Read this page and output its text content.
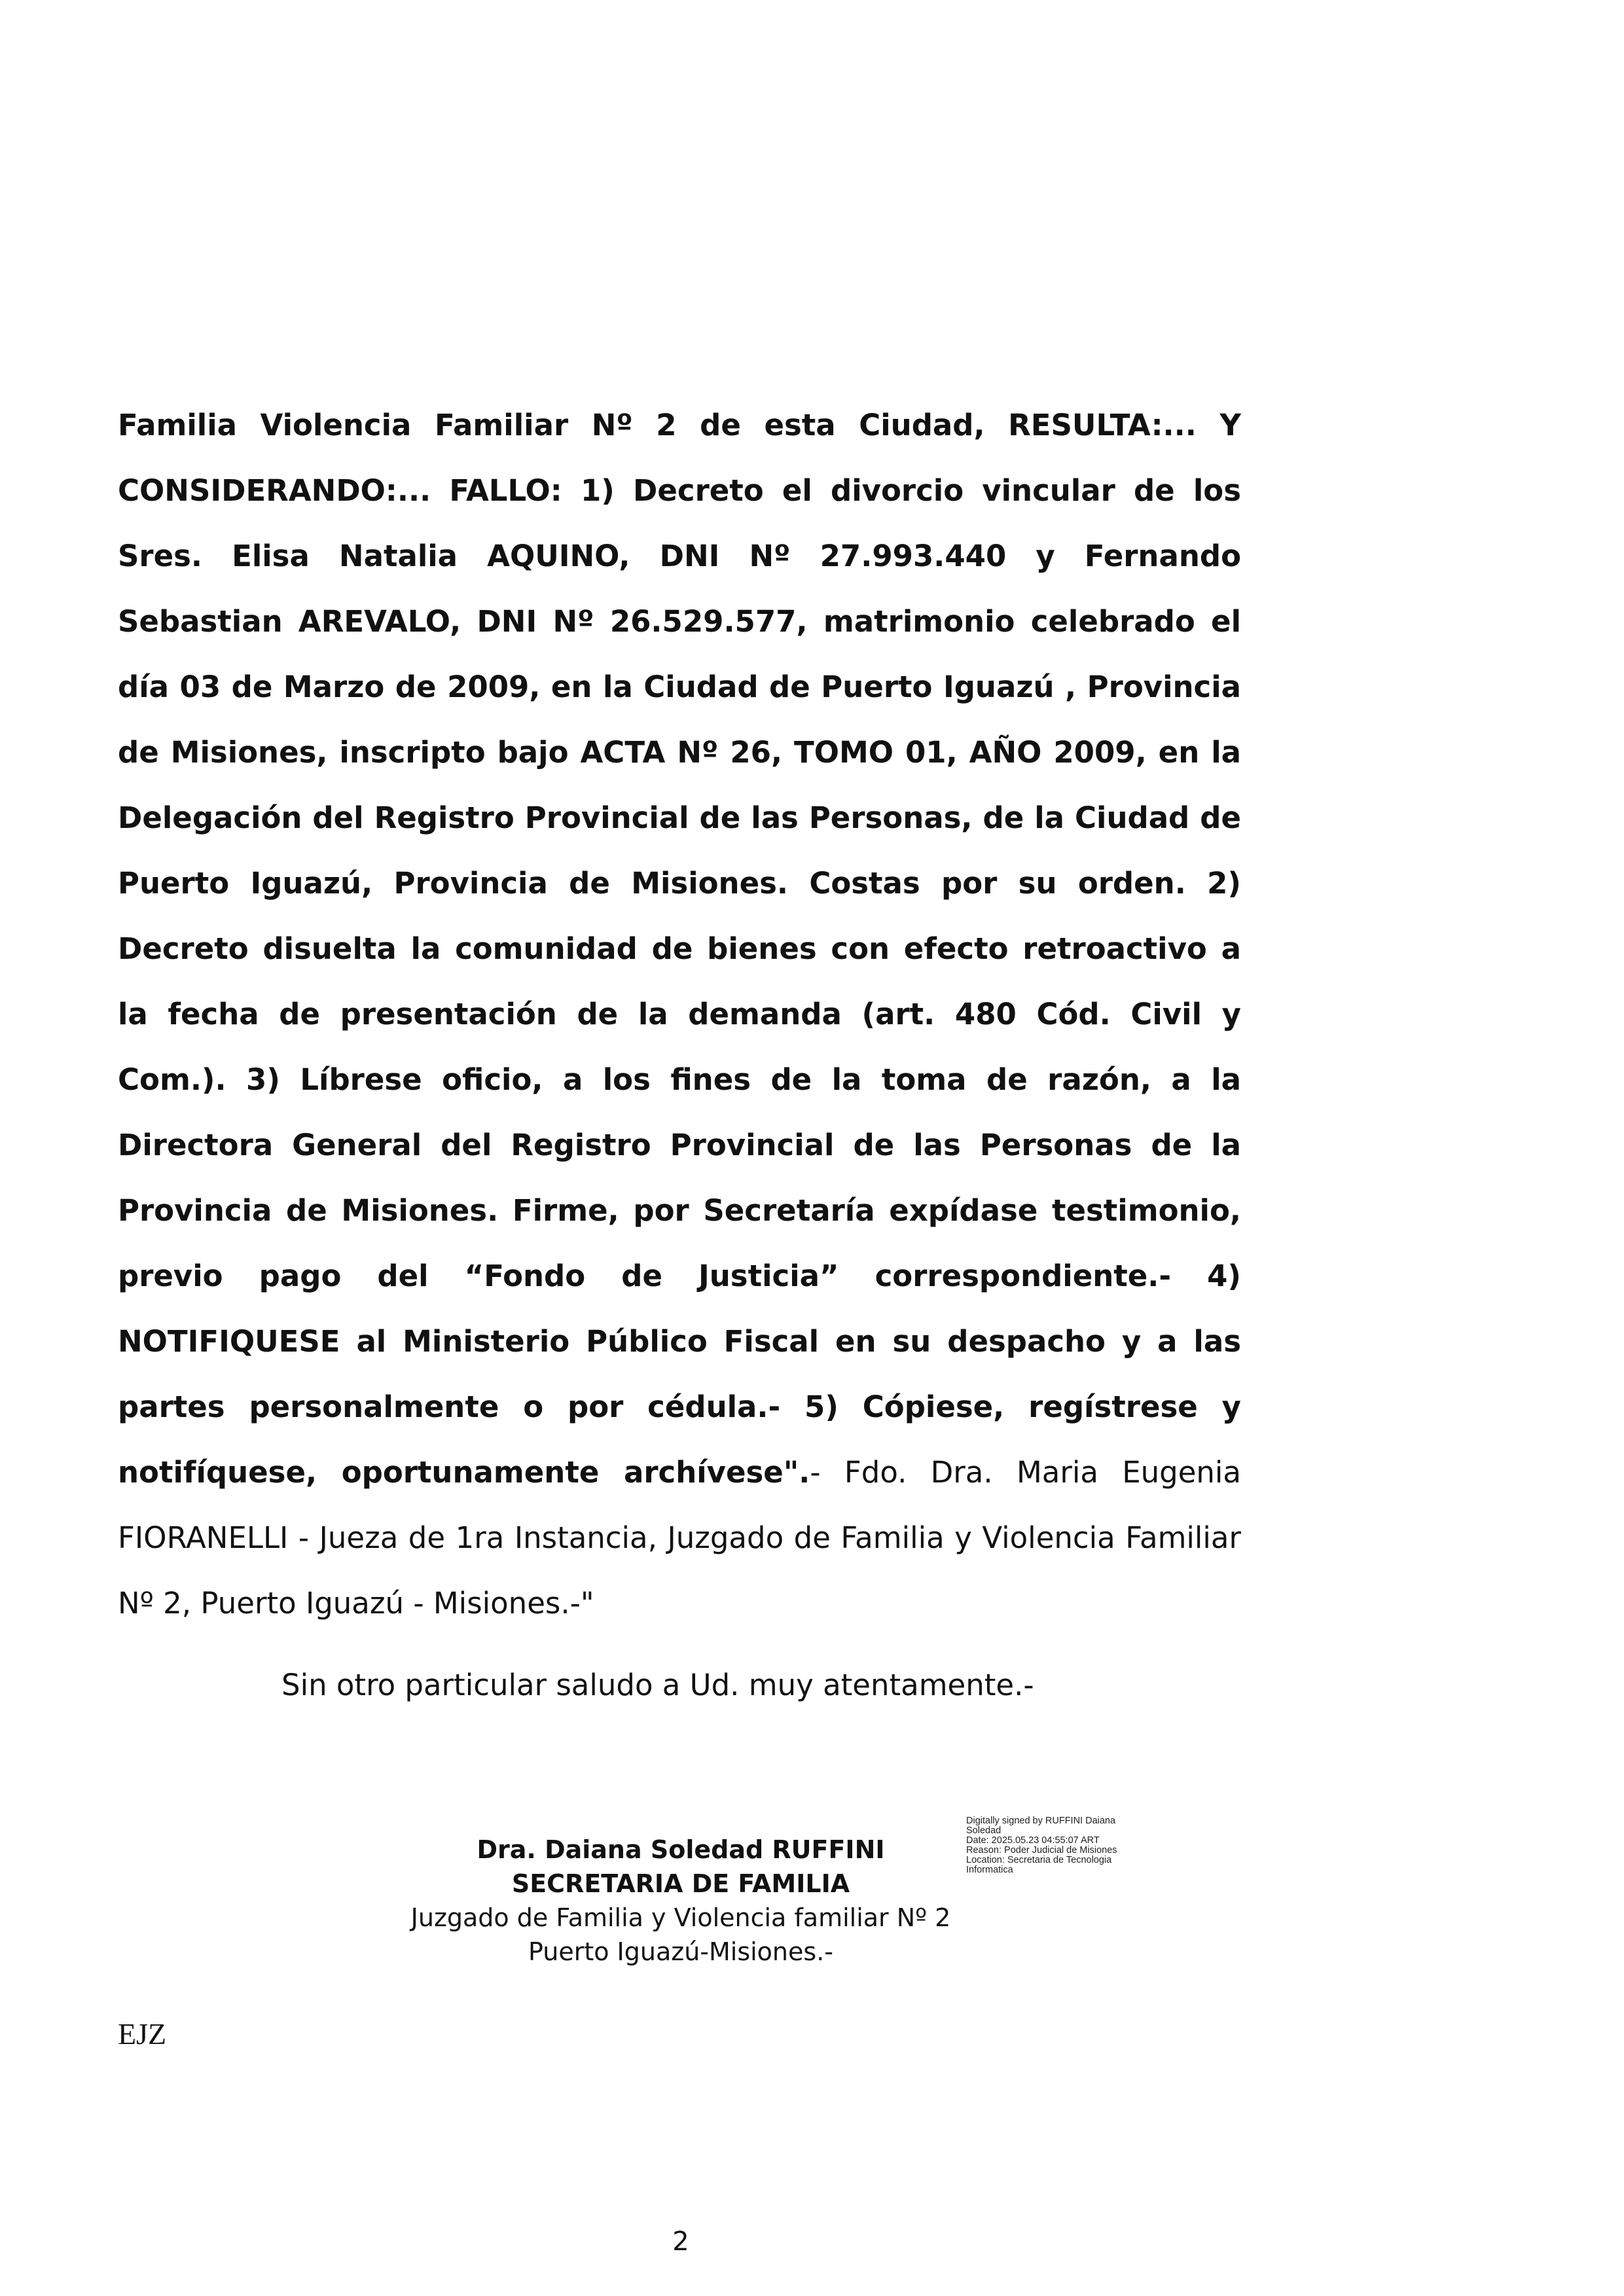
Familia Violencia Familiar Nº 2 de esta Ciudad, RESULTA:... Y CONSIDERANDO:... FALLO: 1) Decreto el divorcio vincular de los Sres. Elisa Natalia AQUINO, DNI Nº 27.993.440 y Fernando Sebastian AREVALO, DNI Nº 26.529.577, matrimonio celebrado el día 03 de Marzo de 2009, en la Ciudad de Puerto Iguazú , Provincia de Misiones, inscripto bajo ACTA Nº 26, TOMO 01, AÑO 2009, en la Delegación del Registro Provincial de las Personas, de la Ciudad de Puerto Iguazú, Provincia de Misiones. Costas por su orden. 2) Decreto disuelta la comunidad de bienes con efecto retroactivo a la fecha de presentación de la demanda (art. 480 Cód. Civil y Com.). 3) Líbrese oficio, a los fines de la toma de razón, a la Directora General del Registro Provincial de las Personas de la Provincia de Misiones. Firme, por Secretaría expídase testimonio, previo pago del “Fondo de Justicia” correspondiente.- 4) NOTIFIQUESE al Ministerio Público Fiscal en su despacho y a las partes personalmente o por cédula.- 5) Cópiese, regístrese y notifíquese, oportunamente archívese".- Fdo. Dra. Maria Eugenia FIORANELLI - Jueza de 1ra Instancia, Juzgado de Familia y Violencia Familiar Nº 2, Puerto Iguazú - Misiones.-"

Sin otro particular saludo a Ud. muy atentamente.-

Dra. Daiana Soledad RUFFINI
SECRETARIA DE FAMILIA
Juzgado de Familia y Violencia familiar Nº 2
Puerto Iguazú-Misiones.-
Digitally signed by RUFFINI Daiana
Soledad
Date: 2025.05.23 04:55:07 ART
Reason: Poder Judicial de Misiones
Location: Secretaria de Tecnologia
Informatica

EJZ

2
